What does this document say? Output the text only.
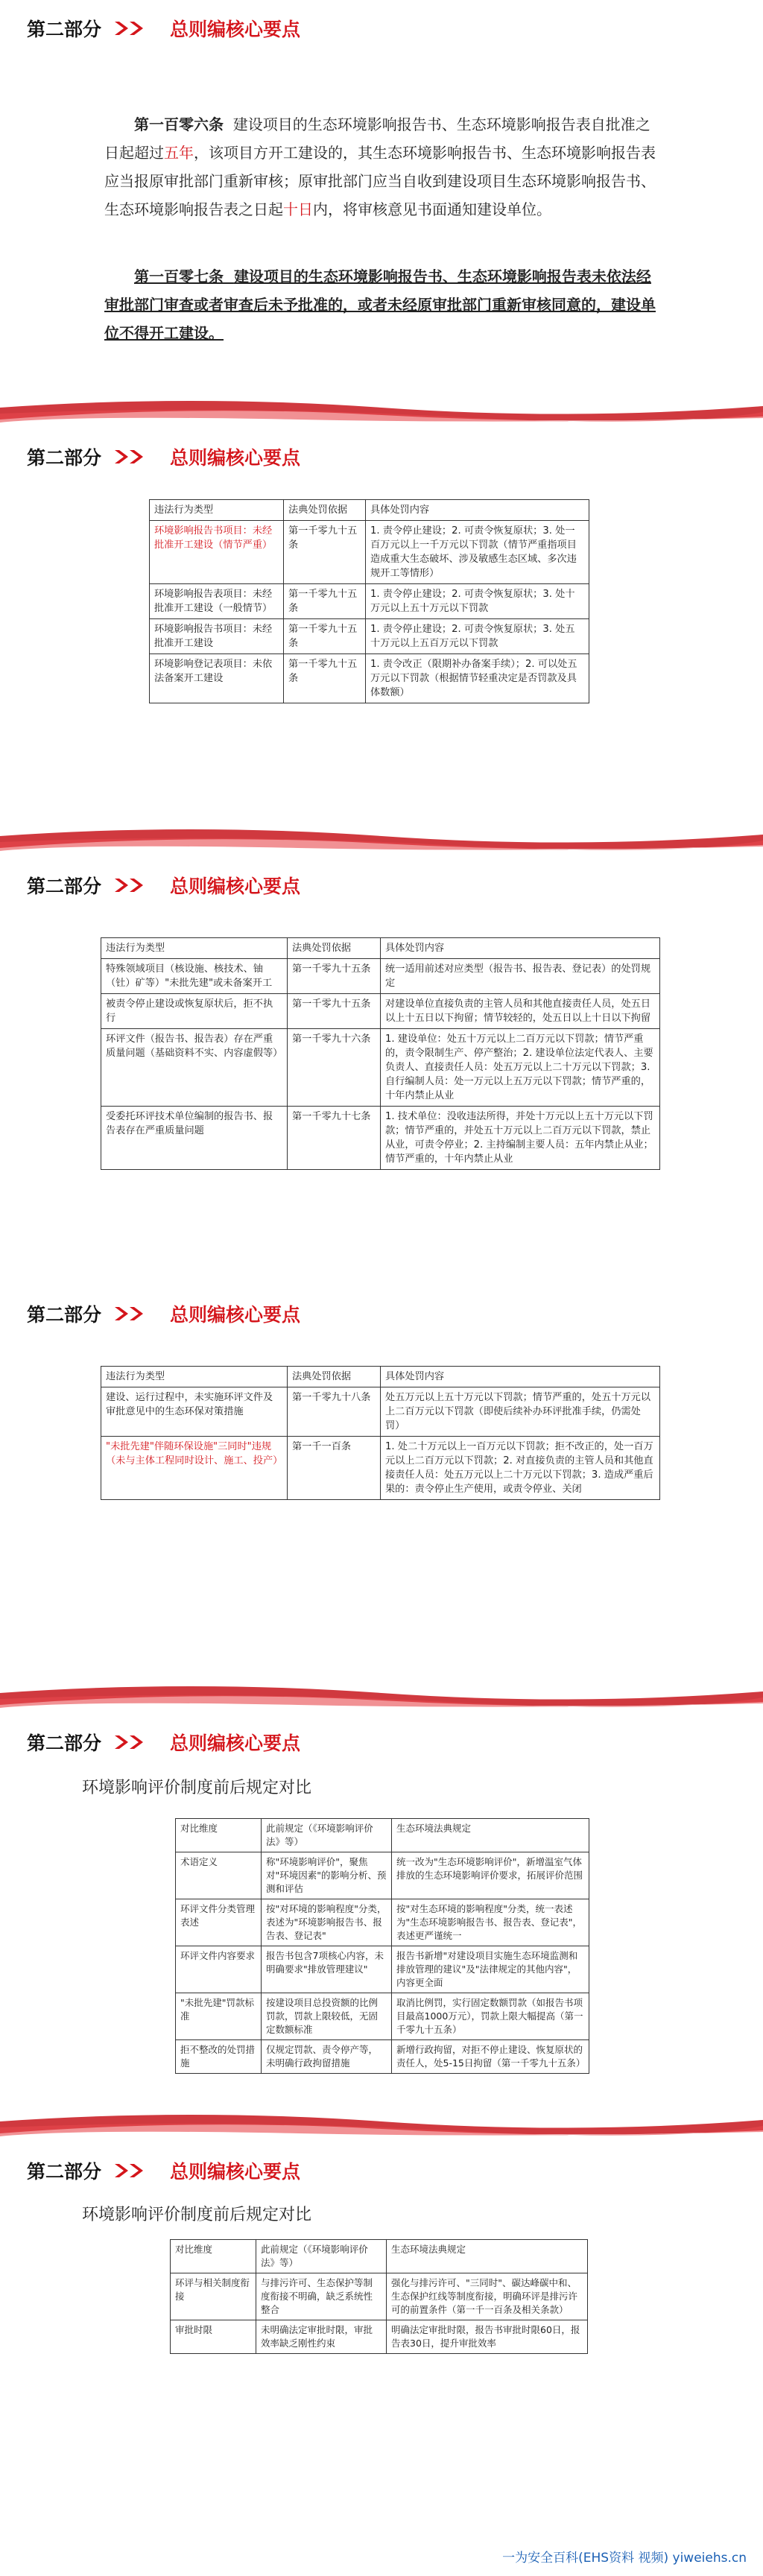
第二部分	总则编核心要点

第一百零六条 建设项目的生态环境影响报告书、生态环境影响报告表自批准之日起超过五年，该项目方开工建设的，其生态环境影响报告书、生态环境影响报告表应当报原审批部门重新审核；原审批部门应当自收到建设项目生态环境影响报告书、生态环境影响报告表之日起十日内，将审核意见书面通知建设单位。

第一百零七条 建设项目的生态环境影响报告书、生态环境影响报告表未依法经审批部门审查或者审查后未予批准的，或者未经原审批部门重新审核同意的，建设单位不得开工建设。

第二部分	总则编核心要点
违法行为类型	法典处罚依据	具体处罚内容
环境影响报告书项目：未经批准开工建设（情节严重）	第一千零九十五条	1. 责令停止建设；2. 可责令恢复原状；3. 处一百万元以上一千万元以下罚款（情节严重指项目造成重大生态破坏、涉及敏感生态区域、多次违规开工等情形）
环境影响报告表项目：未经批准开工建设（一般情节）	第一千零九十五条	1. 责令停止建设；2. 可责令恢复原状；3. 处十万元以上五十万元以下罚款
环境影响报告书项目：未经批准开工建设	第一千零九十五条	1. 责令停止建设；2. 可责令恢复原状；3. 处五十万元以上五百万元以下罚款
环境影响登记表项目：未依法备案开工建设	第一千零九十五条	1. 责令改正（限期补办备案手续）；2. 可以处五万元以下罚款（根据情节轻重决定是否罚款及具体数额）
第二部分	总则编核心要点
违法行为类型	法典处罚依据	具体处罚内容
特殊领域项目（核设施、核技术、铀（钍）矿等）"未批先建"或未备案开工	第一千零九十五条	统一适用前述对应类型（报告书、报告表、登记表）的处罚规定
被责令停止建设或恢复原状后，拒不执行	第一千零九十五条	对建设单位直接负责的主管人员和其他直接责任人员，处五日以上十五日以下拘留；情节较轻的，处五日以上十日以下拘留
环评文件（报告书、报告表）存在严重质量问题（基础资料不实、内容虚假等）	第一千零九十六条	1. 建设单位：处五十万元以上二百万元以下罚款；情节严重的，责令限制生产、停产整治；2. 建设单位法定代表人、主要负责人、直接责任人员：处五万元以上二十万元以下罚款；3. 自行编制人员：处一万元以上五万元以下罚款；情节严重的，十年内禁止从业
受委托环评技术单位编制的报告书、报告表存在严重质量问题	第一千零九十七条	1. 技术单位：没收违法所得，并处十万元以上五十万元以下罚款；情节严重的，并处五十万元以上二百万元以下罚款，禁止从业，可责令停业；2. 主持编制主要人员：五年内禁止从业；情节严重的，十年内禁止从业
第二部分	总则编核心要点
违法行为类型	法典处罚依据	具体处罚内容
建设、运行过程中，未实施环评文件及审批意见中的生态环保对策措施	第一千零九十八条	处五万元以上五十万元以下罚款；情节严重的，处五十万元以上二百万元以下罚款（即使后续补办环评批准手续，仍需处罚）
"未批先建"伴随环保设施"三同时"违规（未与主体工程同时设计、施工、投产）	第一千一百条	1. 处二十万元以上一百万元以下罚款；拒不改正的，处一百万元以上二百万元以下罚款；2. 对直接负责的主管人员和其他直接责任人员：处五万元以上二十万元以下罚款；3. 造成严重后果的：责令停止生产使用，或责令停业、关闭
第二部分	总则编核心要点
环境影响评价制度前后规定对比
对比维度	此前规定（《环境影响评价法》等）	生态环境法典规定
术语定义	称"环境影响评价"，聚焦对"环境因素"的影响分析、预测和评估	统一改为"生态环境影响评价"，新增温室气体排放的生态环境影响评价要求，拓展评价范围
环评文件分类管理表述	按"对环境的影响程度"分类，表述为"环境影响报告书、报告表、登记表"	按"对生态环境的影响程度"分类，统一表述为"生态环境影响报告书、报告表、登记表"，表述更严谨统一
环评文件内容要求	报告书包含7项核心内容，未明确要求"排放管理建议"	报告书新增"对建设项目实施生态环境监测和排放管理的建议"及"法律规定的其他内容"，内容更全面
"未批先建"罚款标准	按建设项目总投资额的比例罚款，罚款上限较低，无固定数额标准	取消比例罚，实行固定数额罚款（如报告书项目最高1000万元），罚款上限大幅提高（第一千零九十五条）
拒不整改的处罚措施	仅规定罚款、责令停产等，未明确行政拘留措施	新增行政拘留，对拒不停止建设、恢复原状的责任人，处5-15日拘留（第一千零九十五条）
第二部分	总则编核心要点
环境影响评价制度前后规定对比
对比维度	此前规定（《环境影响评价法》等）	生态环境法典规定
环评与相关制度衔接	与排污许可、生态保护等制度衔接不明确，缺乏系统性整合	强化与排污许可、"三同时"、碳达峰碳中和、生态保护红线等制度衔接，明确环评是排污许可的前置条件（第一千一百条及相关条款）
审批时限	未明确法定审批时限，审批效率缺乏刚性约束	明确法定审批时限，报告书审批时限60日，报告表30日，提升审批效率
一为安全百科(EHS资料 视频) yiweiehs.cn
